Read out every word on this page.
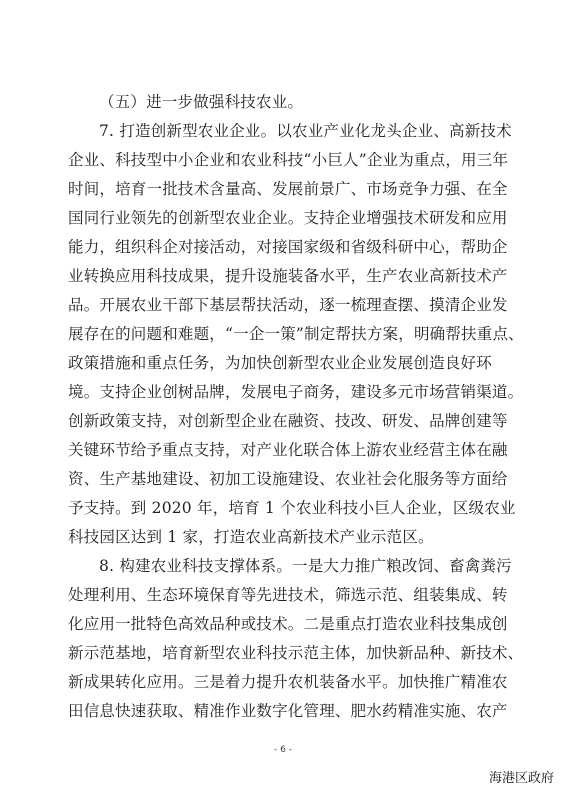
（五）进一步做强科技农业。

7. 打造创新型农业企业。以农业产业化龙头企业、高新技术
企业、科技型中小企业和农业科技“小巨人”企业为重点，用三年
时间，培育一批技术含量高、发展前景广、市场竞争力强、在全
国同行业领先的创新型农业企业。支持企业增强技术研发和应用
能力，组织科企对接活动，对接国家级和省级科研中心，帮助企
业转换应用科技成果，提升设施装备水平，生产农业高新技术产
品。开展农业干部下基层帮扶活动，逐一梳理查摆、摸清企业发
展存在的问题和难题，“一企一策”制定帮扶方案，明确帮扶重点、
政策措施和重点任务，为加快创新型农业企业发展创造良好环
境。支持企业创树品牌，发展电子商务，建设多元市场营销渠道。
创新政策支持，对创新型企业在融资、技改、研发、品牌创建等
关键环节给予重点支持，对产业化联合体上游农业经营主体在融
资、生产基地建设、初加工设施建设、农业社会化服务等方面给
予支持。到 2020 年，培育 1 个农业科技小巨人企业，区级农业
科技园区达到 1 家，打造农业高新技术产业示范区。

8. 构建农业科技支撑体系。一是大力推广粮改饲、畜禽粪污
处理利用、生态环境保育等先进技术，筛选示范、组装集成、转
化应用一批特色高效品种或技术。二是重点打造农业科技集成创
新示范基地，培育新型农业科技示范主体，加快新品种、新技术、
新成果转化应用。三是着力提升农机装备水平。加快推广精准农
田信息快速获取、精准作业数字化管理、肥水药精准实施、农产

- 6 -
海港区政府
